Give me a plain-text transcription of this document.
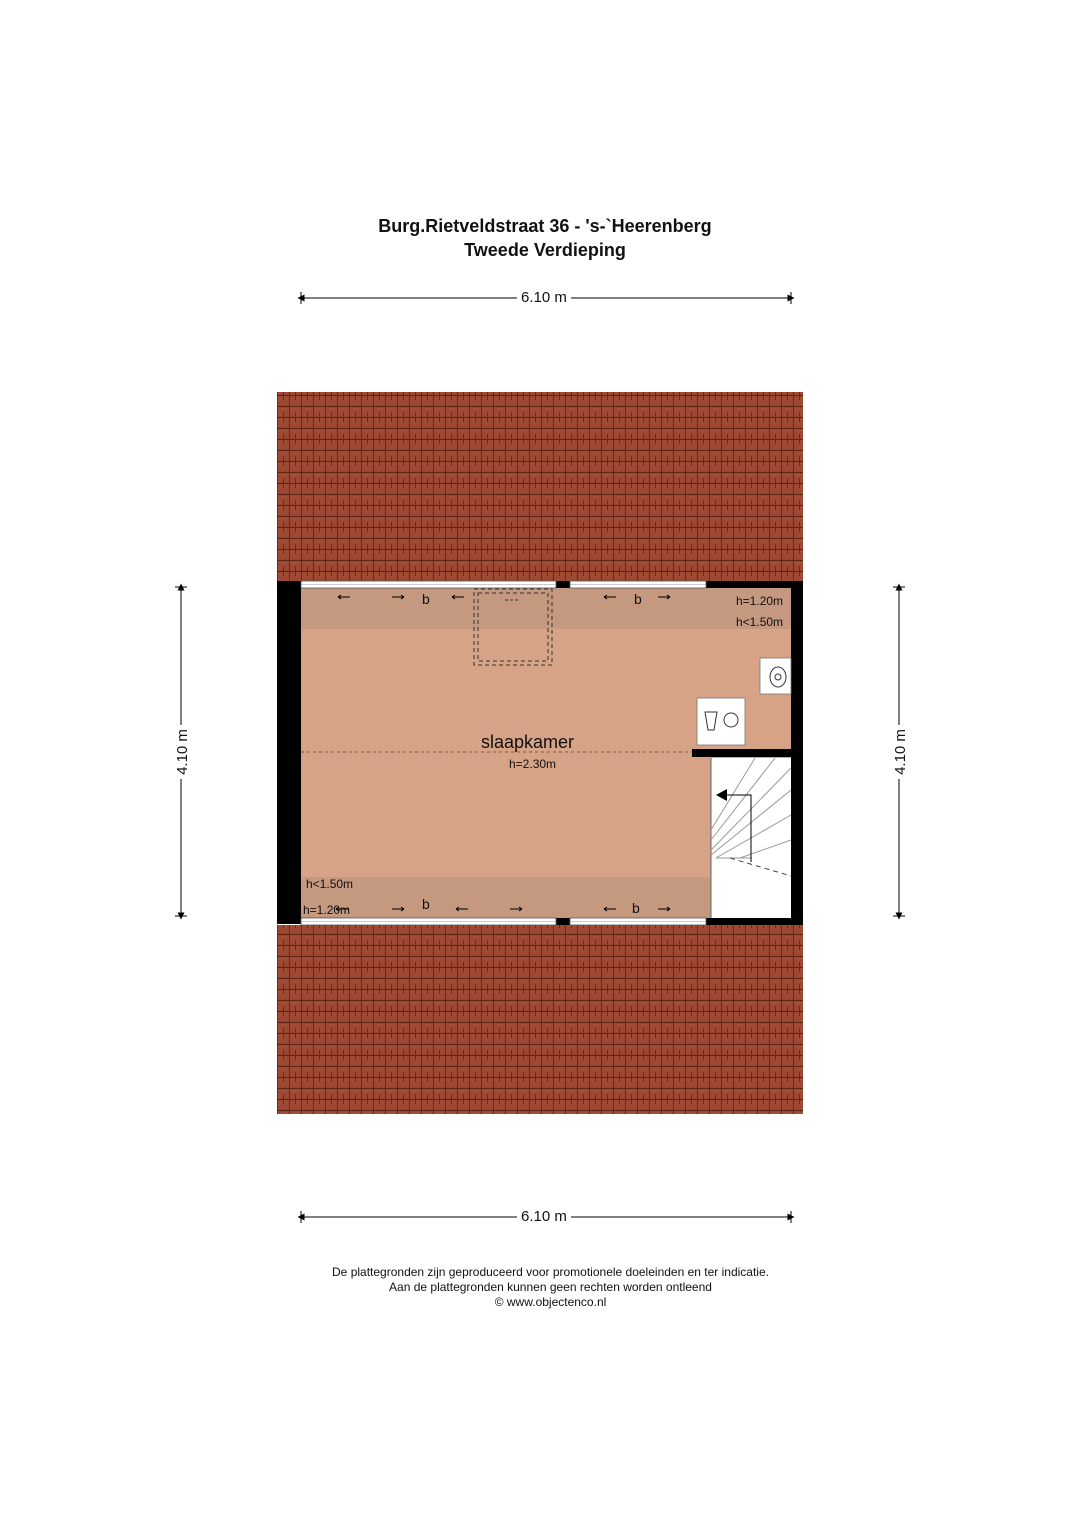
Burg.Rietveldstraat 36 - 's-`Heerenberg
Tweede Verdieping
6.10 m
6.10 m
4.10 m	4.10 m
slaapkamer
h=2.30m
h=1.20m
h<1.50m
h<1.50m
h=1.20m
b	b
b	b
De plattegronden zijn geproduceerd voor promotionele doeleinden en ter indicatie.
Aan de plattegronden kunnen geen rechten worden ontleend
© www.objectenco.nl
